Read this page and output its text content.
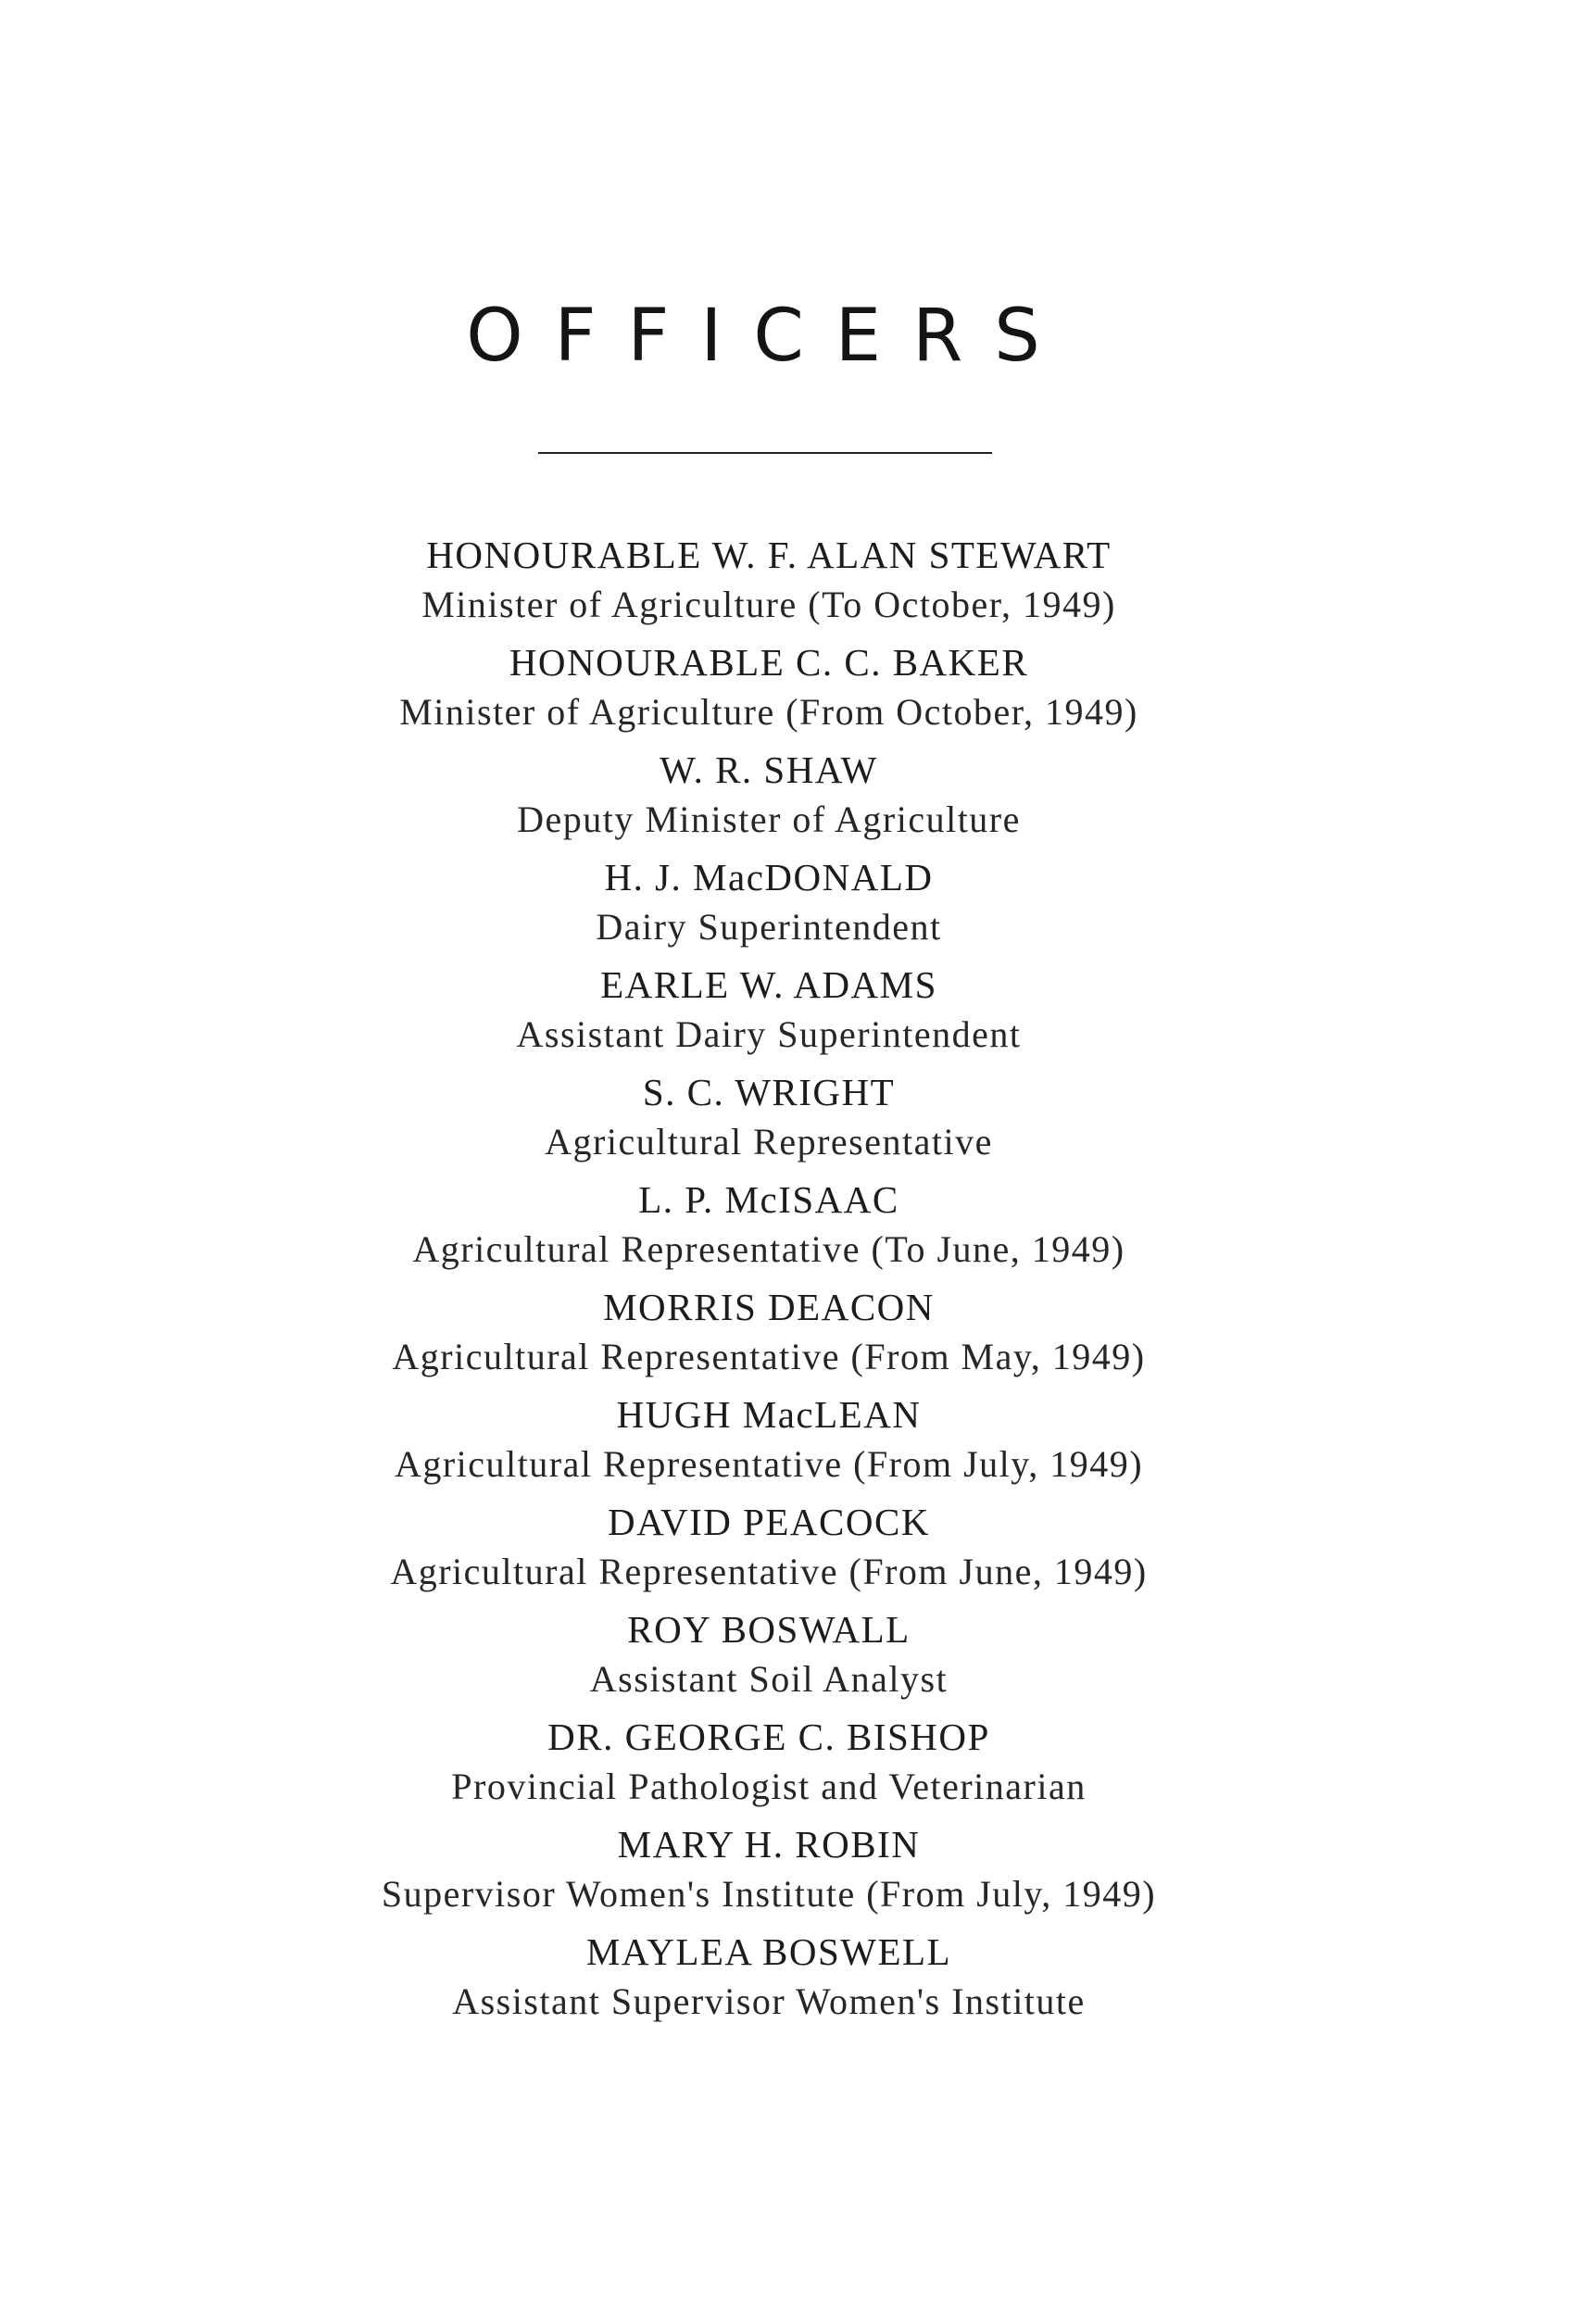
OFFICERS
HONOURABLE W. F. ALAN STEWART
Minister of Agriculture (To October, 1949)
HONOURABLE C. C. BAKER
Minister of Agriculture (From October, 1949)
W. R. SHAW
Deputy Minister of Agriculture
H. J. MacDONALD
Dairy Superintendent
EARLE W. ADAMS
Assistant Dairy Superintendent
S. C. WRIGHT
Agricultural Representative
L. P. McISAAC
Agricultural Representative (To June, 1949)
MORRIS DEACON
Agricultural Representative (From May, 1949)
HUGH MacLEAN
Agricultural Representative (From July, 1949)
DAVID PEACOCK
Agricultural Representative (From June, 1949)
ROY BOSWALL
Assistant Soil Analyst
DR. GEORGE C. BISHOP
Provincial Pathologist and Veterinarian
MARY H. ROBIN
Supervisor Women's Institute (From July, 1949)
MAYLEA BOSWELL
Assistant Supervisor Women's Institute
